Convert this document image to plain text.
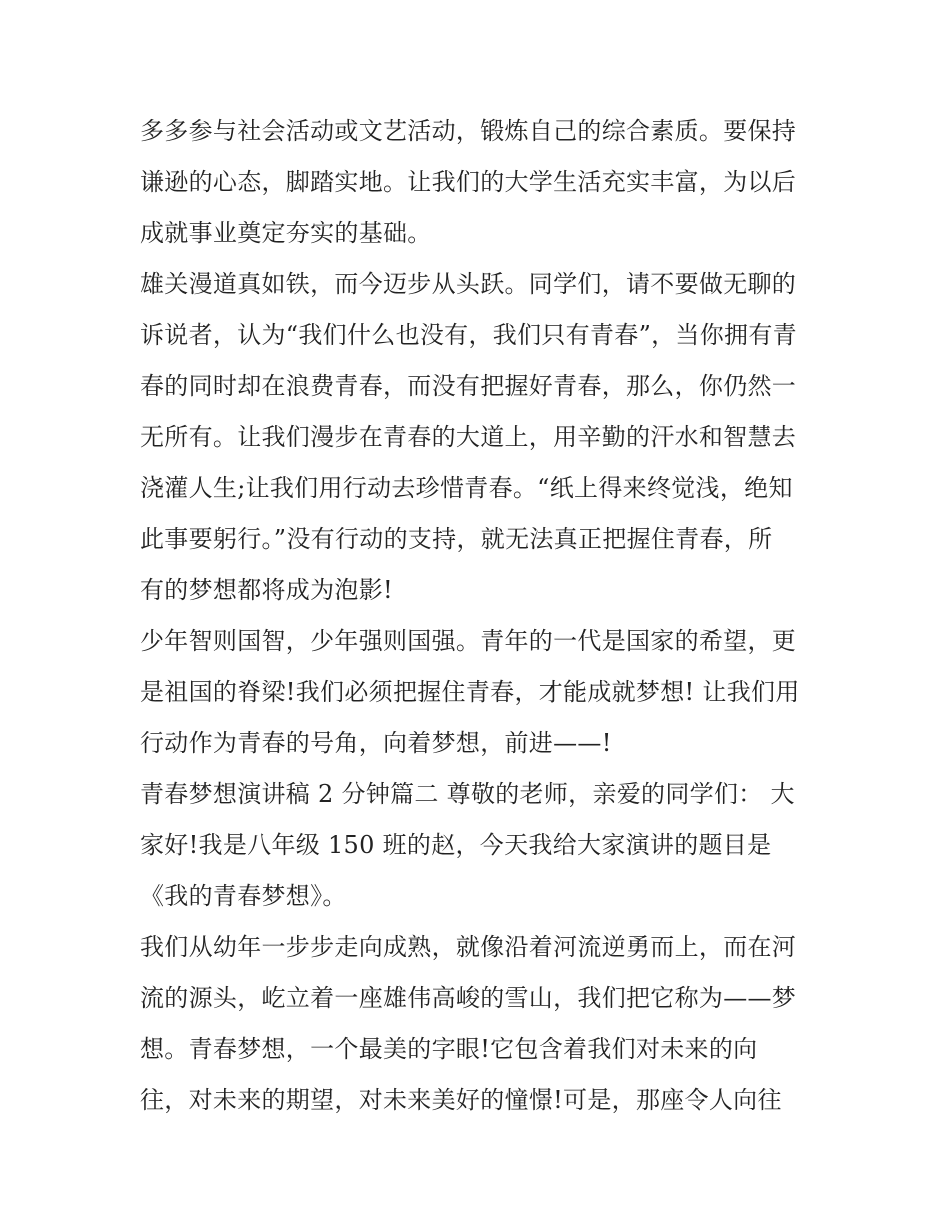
多多参与社会活动或文艺活动，锻炼自己的综合素质。要保持
谦逊的心态，脚踏实地。让我们的大学生活充实丰富，为以后
成就事业奠定夯实的基础。
雄关漫道真如铁，而今迈步从头跃。同学们，请不要做无聊的
诉说者，认为“我们什么也没有，我们只有青春”，当你拥有青
春的同时却在浪费青春，而没有把握好青春，那么，你仍然一
无所有。让我们漫步在青春的大道上，用辛勤的汗水和智慧去
浇灌人生;让我们用行动去珍惜青春。“纸上得来终觉浅，绝知
此事要躬行。”没有行动的支持，就无法真正把握住青春，所
有的梦想都将成为泡影!
少年智则国智，少年强则国强。青年的一代是国家的希望，更
是祖国的脊梁!我们必须把握住青春，才能成就梦想! 让我们用
行动作为青春的号角，向着梦想，前进——!
青春梦想演讲稿 2 分钟篇二 尊敬的老师，亲爱的同学们： 大
家好!我是八年级 150 班的赵，今天我给大家演讲的题目是
《我的青春梦想》。
我们从幼年一步步走向成熟，就像沿着河流逆勇而上，而在河
流的源头，屹立着一座雄伟高峻的雪山，我们把它称为——梦
想。青春梦想，一个最美的字眼!它包含着我们对未来的向
往，对未来的期望，对未来美好的憧憬!可是，那座令人向往
